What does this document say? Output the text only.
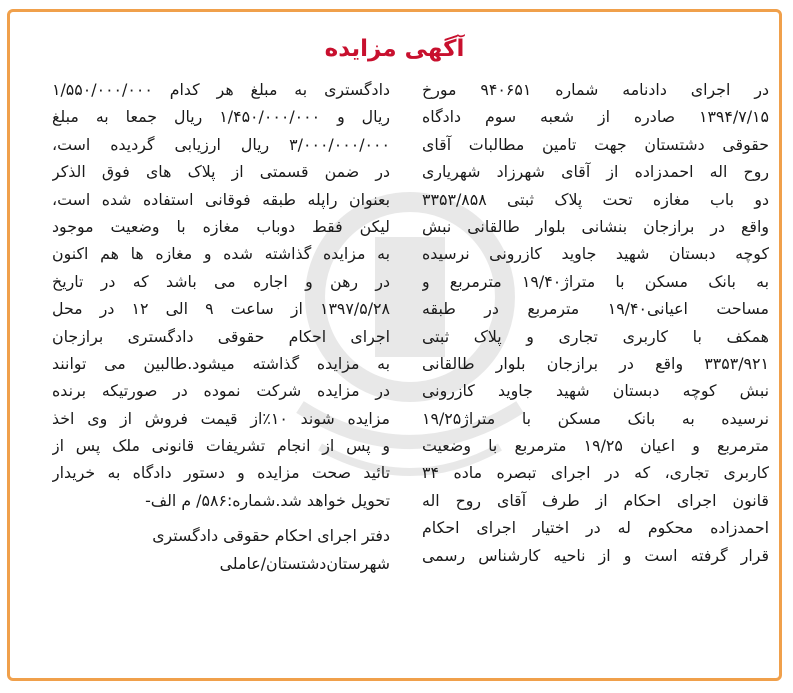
آگهی مزایده
در اجرای دادنامه شماره ۹۴۰۶۵۱ مورخ
۱۳۹۴/۷/۱۵ صادره از شعبه سوم دادگاه
حقوقی دشتستان جهت تامین مطالبات آقای
روح اله احمدزاده از آقای شهرزاد شهریاری
دو باب مغازه تحت پلاک ثبتی ۳۳۵۳/۸۵۸
واقع در برازجان بنشانی بلوار طالقانی نبش
کوچه دبستان شهید جاوید کازرونی نرسیده
به بانک مسکن با متراژ۱۹/۴۰ مترمربع و
مساحت اعیانی۱۹/۴۰ مترمربع در طبقه
همکف با کاربری تجاری و پلاک ثبتی
۳۳۵۳/۹۲۱ واقع در برازجان بلوار طالقانی
نبش کوچه دبستان شهید جاوید کازرونی
نرسیده به بانک مسکن با متراژ۱۹/۲۵
مترمربع و اعیان ۱۹/۲۵ مترمربع با وضعیت
کاربری تجاری، که در اجرای تبصره ماده ۳۴
قانون اجرای احکام از طرف آقای روح اله
احمدزاده محکوم له در اختیار اجرای احکام
قرار گرفته است و از ناحیه کارشناس رسمی
دادگستری به مبلغ هر کدام ۱/۵۵۰/۰۰۰/۰۰۰
ریال و ۱/۴۵۰/۰۰۰/۰۰۰ ریال جمعا به مبلغ
۳/۰۰۰/۰۰۰/۰۰۰ ریال ارزیابی گردیده است،
در ضمن قسمتی از پلاک های فوق الذکر
بعنوان راپله طبقه فوقانی استفاده شده است،
لیکن فقط دوباب مغازه با وضعیت موجود
به مزایده گذاشته شده و مغازه ها هم اکنون
در رهن و اجاره می باشد که در تاریخ
۱۳۹۷/۵/۲۸ از ساعت ۹ الی ۱۲ در محل
اجرای احکام حقوقی دادگستری برازجان
به مزایده گذاشته میشود.طالبین می توانند
در مزایده شرکت نموده در صورتیکه برنده
مزایده شوند ۱۰٪از قیمت فروش از وی اخذ
و پس از انجام تشریفات قانونی ملک پس از
تائید صحت مزایده و دستور دادگاه به خریدار
تحویل خواهد شد.شماره:۵۸۶/ م الف-
دفتر اجرای احکام حقوقی دادگستری
شهرستان‌دشتستان/عاملی
